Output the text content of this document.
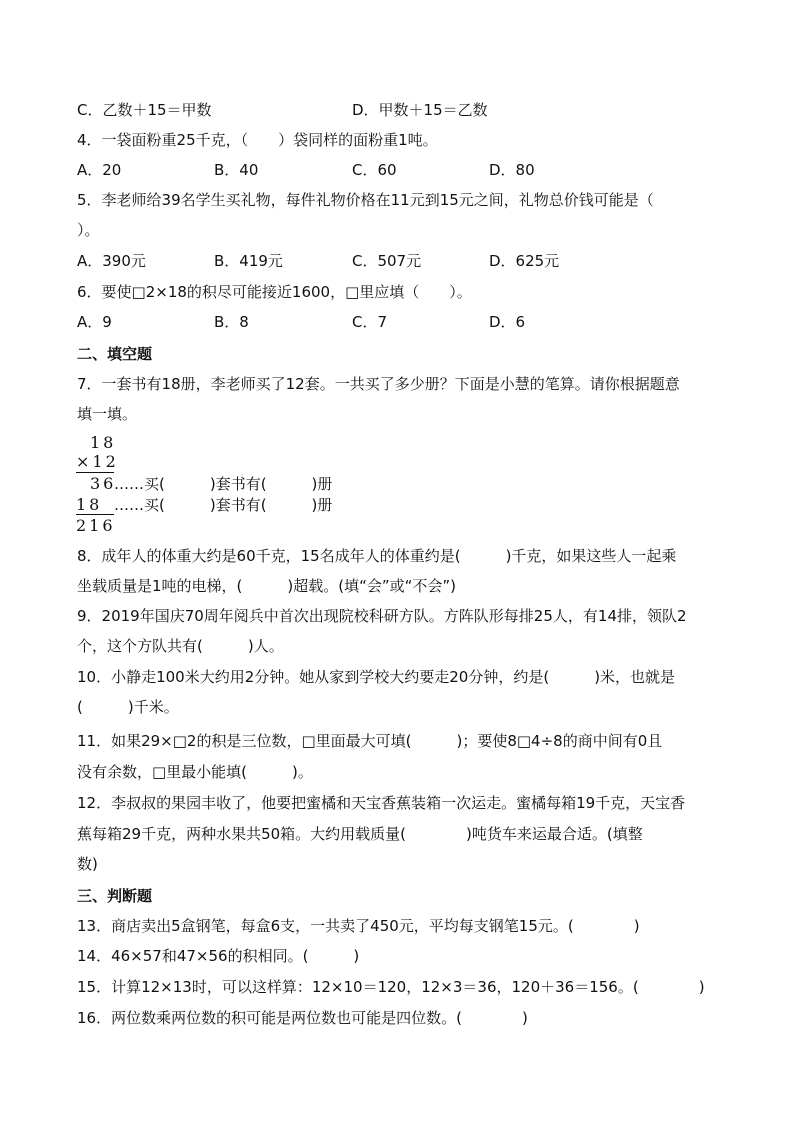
C．乙数＋15＝甲数	D．甲数＋15＝乙数
4．一袋面粉重25千克，（　　）袋同样的面粉重1吨。
A．20	B．40	C．60	D．80
5．李老师给39名学生买礼物，每件礼物价格在11元到15元之间，礼物总价钱可能是（
）。
A．390元	B．419元	C．507元	D．625元
6．要使□2×18的积尽可能接近1600，□里应填（　　）。
A．9	B．8	C．7	D．6
二、填空题
7．一套书有18册，李老师买了12套。一共买了多少册？下面是小慧的笔算。请你根据题意
填一填。
18
×12
36
……买(　　　)套书有(　　　)册
18 ……买(　　　)套书有(　　　)册
216
8．成年人的体重大约是60千克，15名成年人的体重约是(　　　)千克，如果这些人一起乘
坐载质量是1吨的电梯，(　　　)超载。(填“会”或“不会”)
9．2019年国庆70周年阅兵中首次出现院校科研方队。方阵队形每排25人，有14排，领队2
个，这个方队共有(　　　)人。
10．小静走100米大约用2分钟。她从家到学校大约要走20分钟，约是(　　　)米，也就是
(　　　)千米。
11．如果29×□2的积是三位数，□里面最大可填(　　　)；要使8□4÷8的商中间有0且
没有余数，□里最小能填(　　　)。
12．李叔叔的果园丰收了，他要把蜜橘和天宝香蕉装箱一次运走。蜜橘每箱19千克，天宝香
蕉每箱29千克，两种水果共50箱。大约用载质量(　　　　)吨货车来运最合适。(填整
数)
三、判断题
13．商店卖出5盒钢笔，每盒6支，一共卖了450元，平均每支钢笔15元。(　　　　)
14．46×57和47×56的积相同。(　　　)
15．计算12×13时，可以这样算：12×10＝120，12×3＝36，120＋36＝156。(　　　　)
16．两位数乘两位数的积可能是两位数也可能是四位数。(　　　　)
